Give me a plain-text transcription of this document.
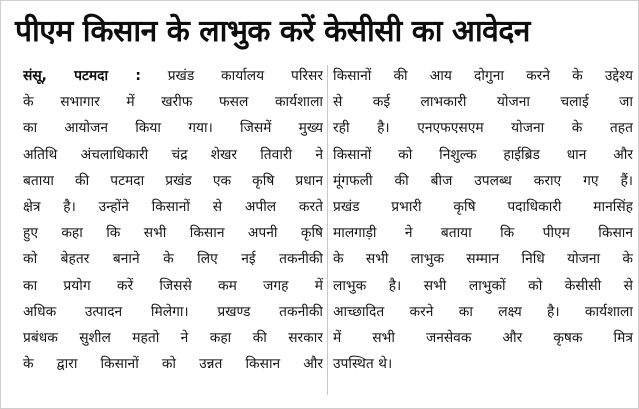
पीएम किसान के लाभुक करें केसीसी का आवेदन
संसू, पटमदा : प्रखंड कार्यालय परिसर
के सभागार में खरीफ फसल कार्यशाला
का आयोजन किया गया। जिसमें मुख्य
अतिथि अंचलाधिकारी चंद्र शेखर तिवारी ने
बताया की पटमदा प्रखंड एक कृषि प्रधान
क्षेत्र है। उन्होंने किसानों से अपील करते
हुए कहा कि सभी किसान अपनी कृषि
को बेहतर बनाने के लिए नई तकनीकी
का प्रयोग करें जिससे कम जगह में
अधिक उत्पादन मिलेगा। प्रखण्ड तकनीकी
प्रबंधक सुशील महतो ने कहा की सरकार
के द्वारा किसानों को उन्नत किसान और
किसानों की आय दोगुना करने के उद्देश्य
से कई लाभकारी योजना चलाई जा
रही है। एनएफएसएम योजना के तहत
किसानों को निशुल्क हाईब्रिड धान और
मूंगफली की बीज उपलब्ध कराए गए हैं।
प्रखंड प्रभारी कृषि पदाधिकारी मानसिंह
मालगाड़ी ने बताया कि पीएम किसान
के सभी लाभुक सम्मान निधि योजना के
लाभुक है। सभी लाभुकों को केसीसी से
आच्छादित करने का लक्ष्य है। कार्यशाला
में सभी जनसेवक और कृषक मित्र
उपस्थित थे।
